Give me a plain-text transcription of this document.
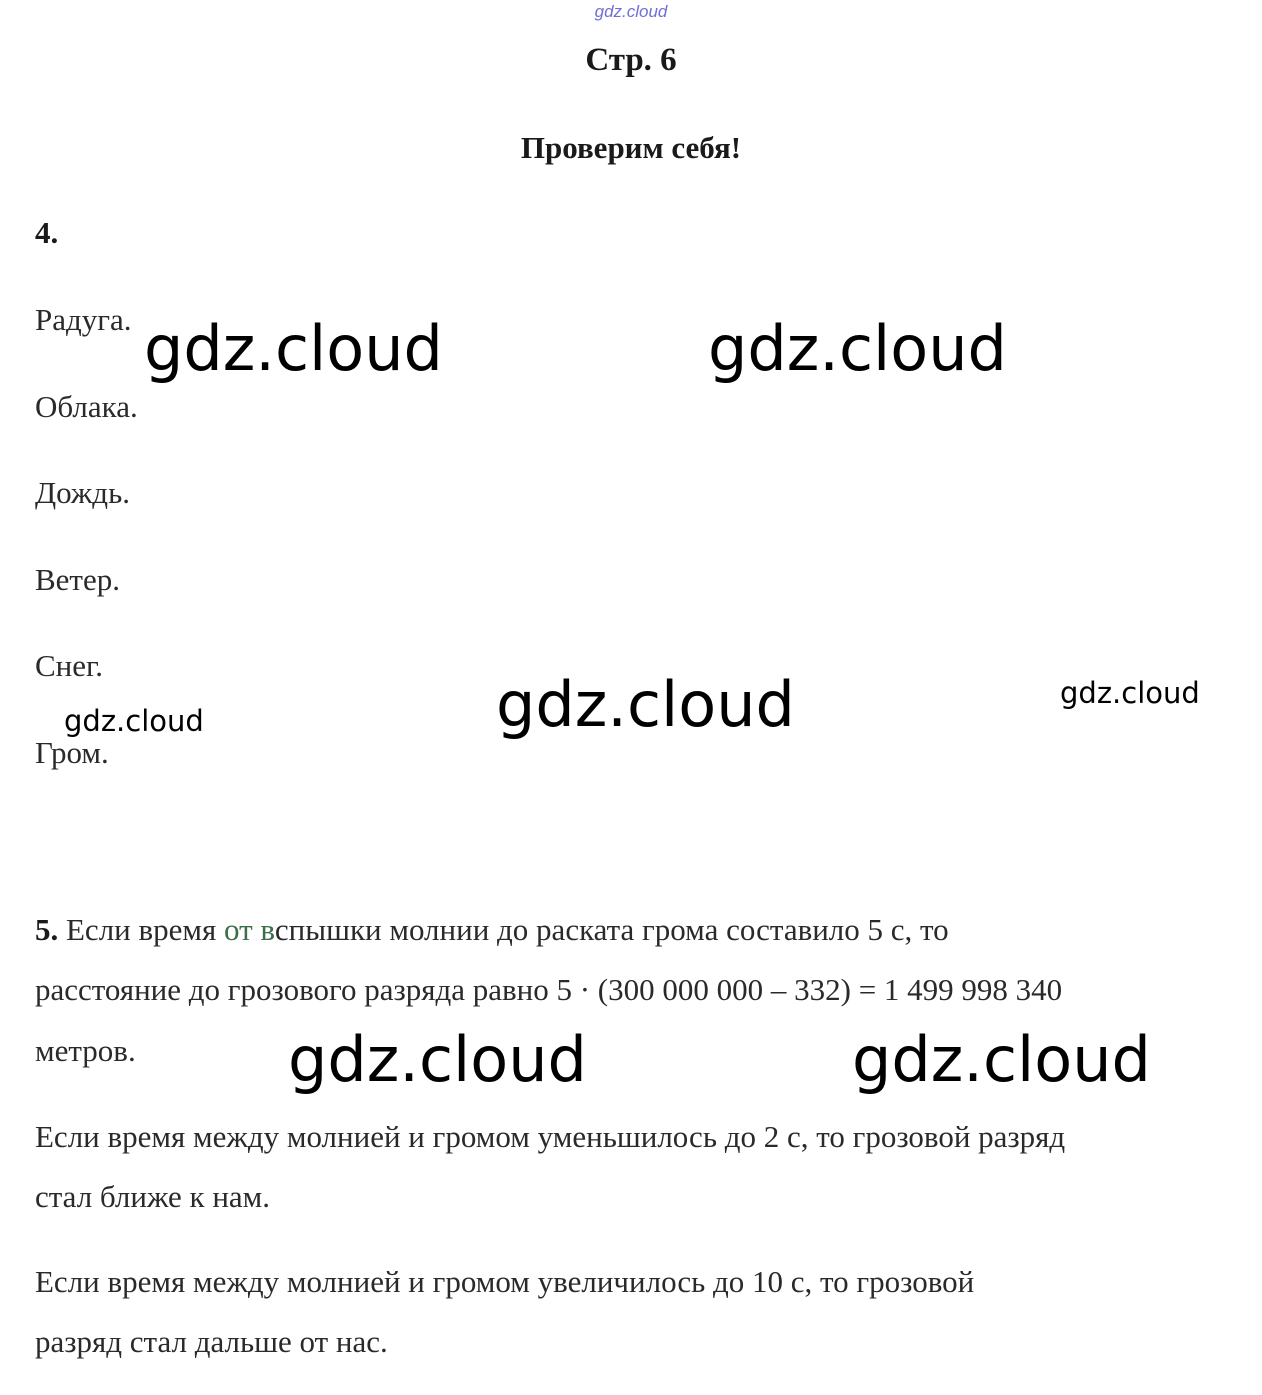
gdz.cloud
Стр. 6
Проверим себя!
4.
Радуга.
Облака.
Дождь.
Ветер.
Снег.
Гром.
5. Если время от вспышки молнии до раската грома составило 5 с, то
расстояние до грозового разряда равно 5 · (300 000 000 – 332) = 1 499 998 340
метров.
Если время между молнией и громом уменьшилось до 2 с, то грозовой разряд
стал ближе к нам.
Если время между молнией и громом увеличилось до 10 с, то грозовой
разряд стал дальше от нас.
gdz.cloud	gdz.cloud
gdz.cloud	gdz.cloud
gdz.cloud
gdz.cloud	gdz.cloud
